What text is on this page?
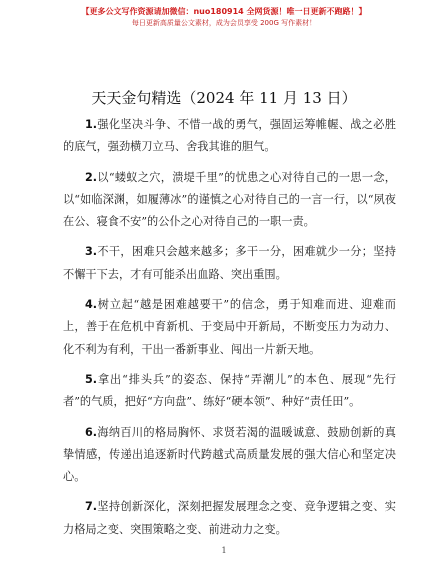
【更多公文写作资源请加微信：nuo180914 全网货源！唯一日更新不跑路！】
每日更新高质量公文素材，成为会员享受 200G 写作素材！
天天金句精选（2024 年 11 月 13 日）

1.强化坚决斗争、不惜一战的勇气，强固运筹帷幄、战之必胜的底气，强劲横刀立马、舍我其谁的胆气。

2.以“蝼蚁之穴，溃堤千里”的忧患之心对待自己的一思一念，以“如临深渊，如履薄冰”的谨慎之心对待自己的一言一行，以“夙夜在公、寝食不安”的公仆之心对待自己的一职一责。

3.不干，困难只会越来越多；多干一分，困难就少一分；坚持不懈干下去，才有可能杀出血路、突出重围。

4.树立起“越是困难越要干”的信念，勇于知难而进、迎难而上，善于在危机中育新机、于变局中开新局，不断变压力为动力、化不利为有利，干出一番新事业、闯出一片新天地。

5.拿出“排头兵”的姿态、保持“弄潮儿”的本色、展现“先行者”的气质，把好“方向盘”、练好“硬本领”、种好“责任田”。

6.海纳百川的格局胸怀、求贤若渴的温暖诚意、鼓励创新的真挚情感，传递出追逐新时代跨越式高质量发展的强大信心和坚定决心。

7.坚持创新深化，深刻把握发展理念之变、竞争逻辑之变、实力格局之变、突围策略之变、前进动力之变。

1
